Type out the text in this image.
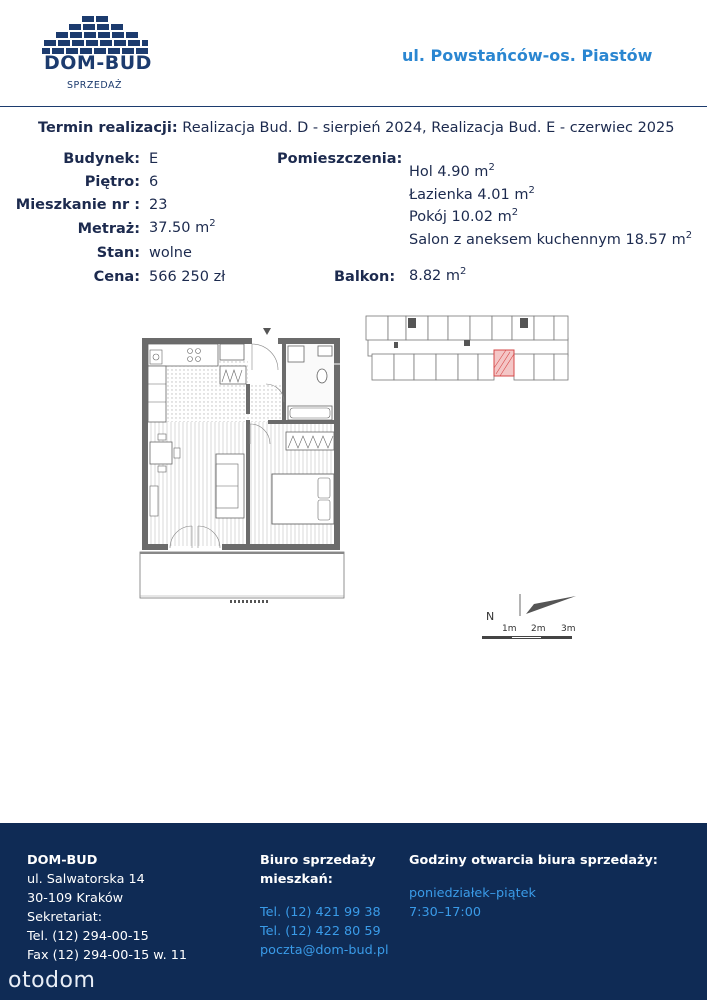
DOM-BUD
SPRZEDAŻ
ul. Powstańców-os. Piastów
Termin realizacji: Realizacja Bud. D - sierpień 2024, Realizacja Bud. E - czerwiec 2025
Budynek: E
Piętro: 6
Mieszkanie nr : 23
Metraż: 37.50 $m^2$
Stan: wolne
Cena: 566 250 zł
Pomieszczenia:
Hol 4.90 $m^2$
Łazienka 4.01 $m^2$
Pokój 10.02 $m^2$
Salon z aneksem kuchennym 18.57 $m^2$
Balkon: 8.82 $m^2$
N
1m 2m 3m
DOM-BUD
ul. Salwatorska 14
30-109 Kraków
Sekretariat:
Tel. (12) 294-00-15
Fax (12) 294-00-15 w. 11
Biuro sprzedaży
mieszkań:
Tel. (12) 421 99 38
Tel. (12) 422 80 59
poczta@dom-bud.pl
Godziny otwarcia biura sprzedaży:
poniedziałek–piątek
7:30–17:00
otodom
